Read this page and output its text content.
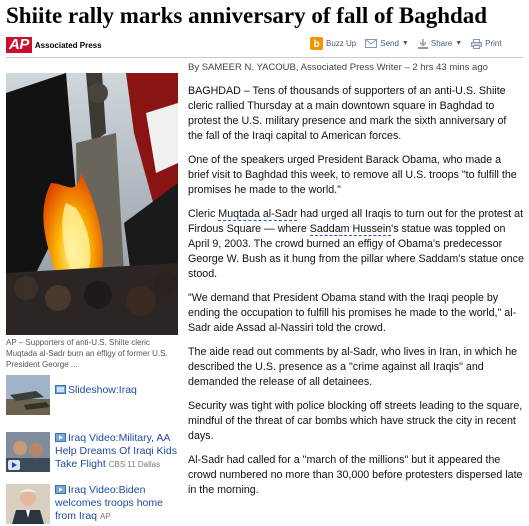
Shiite rally marks anniversary of fall of Baghdad
AP Associated Press	b Buzz Up	Send ▼	Share ▼	Print
AP – Supporters of anti-U.S. Shiite cleric Muqtada al-Sadr burn an effigy of former U.S. President George ...
Slideshow:Iraq
Iraq Video:Military, AA Help Dreams Of Iraqi Kids Take Flight CBS 11 Dallas
Iraq Video:Biden welcomes troops home from Iraq AP
By SAMEER N. YACOUB, Associated Press Writer – 2 hrs 43 mins ago

BAGHDAD – Tens of thousands of supporters of an anti-U.S. Shiite cleric rallied Thursday at a main downtown square in Baghdad to protest the U.S. military presence and mark the sixth anniversary of the fall of the Iraqi capital to American forces.

One of the speakers urged President Barack Obama, who made a brief visit to Baghdad this week, to remove all U.S. troops "to fulfill the promises he made to the world."

Cleric Muqtada al-Sadr had urged all Iraqis to turn out for the protest at Firdous Square — where Saddam Hussein's statue was toppled on April 9, 2003. The crowd burned an effigy of Obama's predecessor George W. Bush as it hung from the pillar where Saddam's statue once stood.

"We demand that President Obama stand with the Iraqi people by ending the occupation to fulfill his promises he made to the world," al-Sadr aide Assad al-Nassiri told the crowd.

The aide read out comments by al-Sadr, who lives in Iran, in which he described the U.S. presence as a "crime against all Iraqis" and demanded the release of all detainees.

Security was tight with police blocking off streets leading to the square, mindful of the threat of car bombs which have struck the city in recent days.

Al-Sadr had called for a "march of the millions" but it appeared the crowd numbered no more than 30,000 before protesters dispersed late in the morning.
